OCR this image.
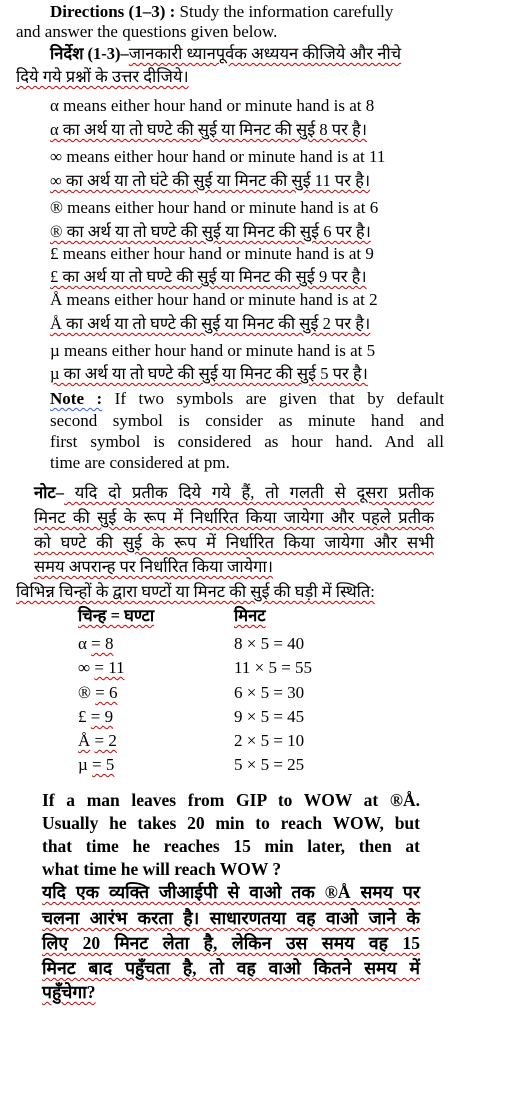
Directions (1–3) : Study the information carefully
and answer the questions given below.
निर्देश (1-3)–जानकारी ध्यानपूर्वक अध्ययन कीजिये और नीचे
दिये गये प्रश्नों के उत्तर दीजिये।
α means either hour hand or minute hand is at 8
α का अर्थ या तो घण्टे की सुई या मिनट की सुई 8 पर है।
∞ means either hour hand or minute hand is at 11
∞ का अर्थ या तो घंटे की सुई या मिनट की सुई 11 पर है।
® means either hour hand or minute hand is at 6
® का अर्थ या तो घण्टे की सुई या मिनट की सुई 6 पर है।
£ means either hour hand or minute hand is at 9
£ का अर्थ या तो घण्टे की सुई या मिनट की सुई 9 पर है।
Å means either hour hand or minute hand is at 2
Å का अर्थ या तो घण्टे की सुई या मिनट की सुई 2 पर है।
µ means either hour hand or minute hand is at 5
µ का अर्थ या तो घण्टे की सुई या मिनट की सुई 5 पर है।
Note : If two symbols are given that by default
second symbol is consider as minute hand and
first symbol is considered as hour hand. And all
time are considered at pm.
नोट– यदि दो प्रतीक दिये गये हैं, तो गलती से दूसरा प्रतीक
मिनट की सुई के रूप में निर्धारित किया जायेगा और पहले प्रतीक
को घण्टे की सुई के रूप में निर्धारित किया जायेगा और सभी
समय अपरान्ह पर निर्धारित किया जायेगा।
विभिन्न चिन्हों के द्वारा घण्टों या मिनट की सुई की घड़ी में स्थिति:
चिन्ह = घण्टा	मिनट
α = 8	8 × 5 = 40
∞ = 11	11 × 5 = 55
® = 6	6 × 5 = 30
£ = 9	9 × 5 = 45
Å = 2	2 × 5 = 10
µ = 5	5 × 5 = 25
If a man leaves from GIP to WOW at ®Å.
Usually he takes 20 min to reach WOW, but
that time he reaches 15 min later, then at
what time he will reach WOW ?
यदि एक व्यक्ति जीआईपी से वाओ तक ®Å समय पर
चलना आरंभ करता है। साधारणतया वह वाओ जाने के
लिए 20 मिनट लेता है, लेकिन उस समय वह 15
मिनट बाद पहुँचता है, तो वह वाओ कितने समय में
पहुँचेगा?
